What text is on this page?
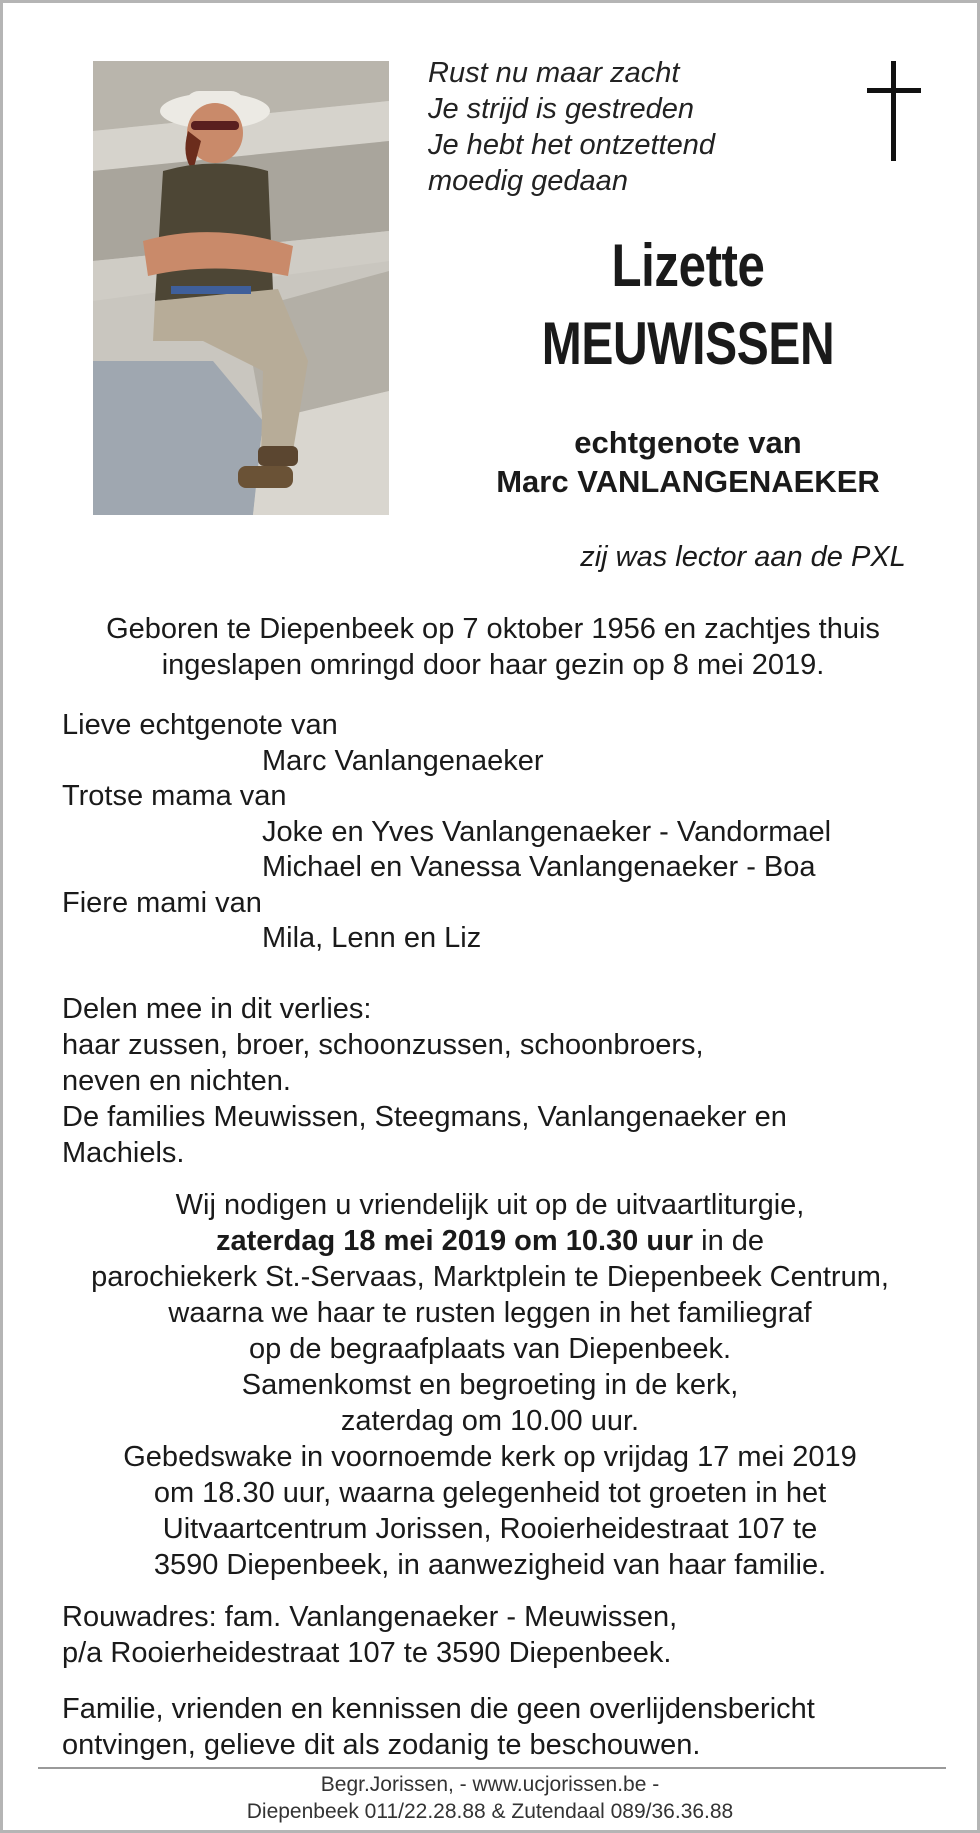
Rust nu maar zacht
Je strijd is gestreden
Je hebt het ontzettend
moedig gedaan
Lizette
MEUWISSEN
echtgenote van
Marc VANLANGENAEKER
zij was lector aan de PXL
Geboren te Diepenbeek op 7 oktober 1956 en zachtjes thuis
ingeslapen omringd door haar gezin op 8 mei 2019.
Lieve echtgenote van
Marc Vanlangenaeker
Trotse mama van
Joke en Yves Vanlangenaeker - Vandormael
Michael en Vanessa Vanlangenaeker - Boa
Fiere mami van
Mila, Lenn en Liz
Delen mee in dit verlies:
haar zussen, broer, schoonzussen, schoonbroers,
neven en nichten.
De families Meuwissen, Steegmans, Vanlangenaeker en
Machiels.
Wij nodigen u vriendelijk uit op de uitvaartliturgie,
zaterdag 18 mei 2019 om 10.30 uur in de
parochiekerk St.-Servaas, Marktplein te Diepenbeek Centrum,
waarna we haar te rusten leggen in het familiegraf
op de begraafplaats van Diepenbeek.
Samenkomst en begroeting in de kerk,
zaterdag om 10.00 uur.
Gebedswake in voornoemde kerk op vrijdag 17 mei 2019
om 18.30 uur, waarna gelegenheid tot groeten in het
Uitvaartcentrum Jorissen, Rooierheidestraat 107 te
3590 Diepenbeek, in aanwezigheid van haar familie.
Rouwadres: fam. Vanlangenaeker - Meuwissen,
p/a Rooierheidestraat 107 te 3590 Diepenbeek.
Familie, vrienden en kennissen die geen overlijdensbericht
ontvingen, gelieve dit als zodanig te beschouwen.
Begr.Jorissen, - www.ucjorissen.be -
Diepenbeek 011/22.28.88 & Zutendaal 089/36.36.88
